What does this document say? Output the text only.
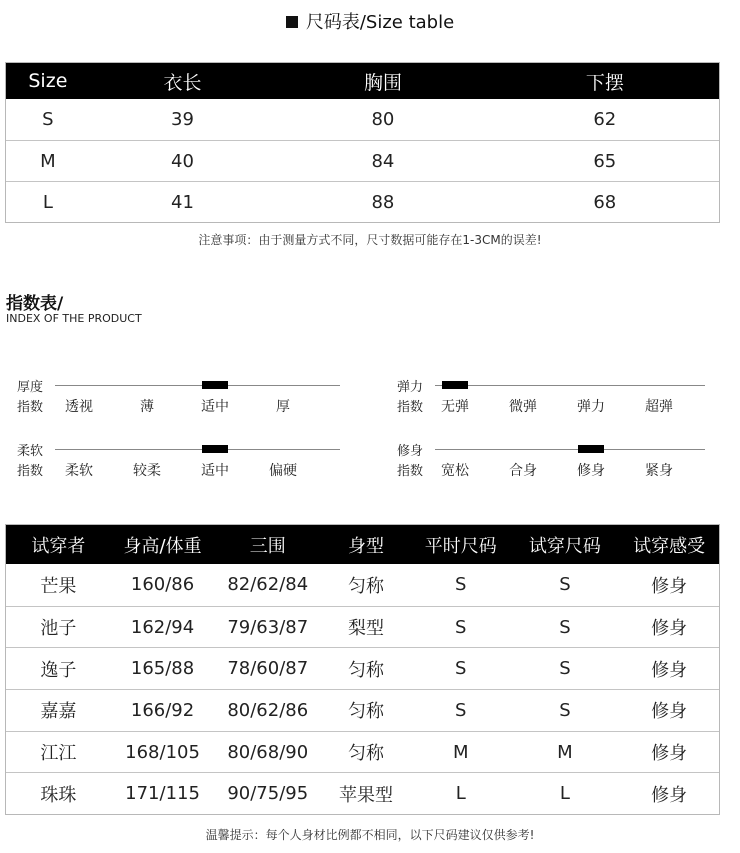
尺码表/Size table
Size	衣长	胸围	下摆
S	39	80	62
M	40	84	65
L	41	88	68
注意事项：由于测量方式不同，尺寸数据可能存在1-3CM的误差!
指数表/
INDEX OF THE PRODUCT
厚度
指数	透视	薄	适中	厚
弹力
指数	无弹	微弹	弹力	超弹
柔软
指数	柔软	较柔	适中	偏硬
修身
指数	宽松	合身	修身	紧身
试穿者	身高/体重	三围	身型	平时尺码	试穿尺码	试穿感受
芒果	160/86	82/62/84	匀称	S	S	修身
池子	162/94	79/63/87	梨型	S	S	修身
逸子	165/88	78/60/87	匀称	S	S	修身
嘉嘉	166/92	80/62/86	匀称	S	S	修身
江江	168/105	80/68/90	匀称	M	M	修身
珠珠	171/115	90/75/95	苹果型	L	L	修身
温馨提示：每个人身材比例都不相同，以下尺码建议仅供参考!
